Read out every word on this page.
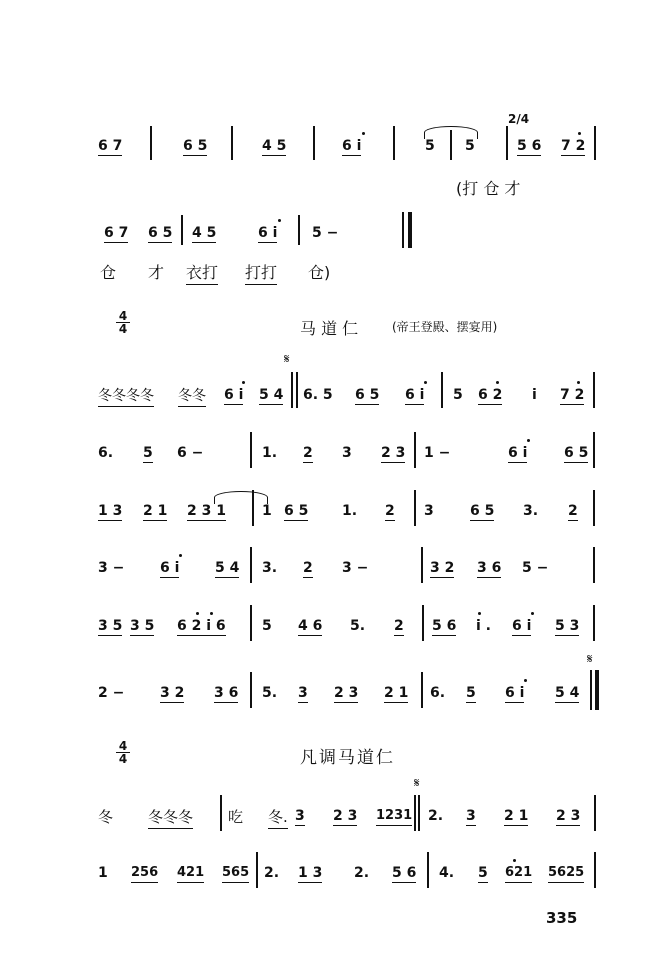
2/4
6 7	6 5	4 5	6 i	5 5	5 6 7 2
(打 仓 才
6 7 6 5 4 5	6 i 5 −
仓 才 衣打 打打 仓)
4
4	马 道 仁	(帝王登殿、摆宴用)
𝄋
冬冬冬冬 冬冬 6 i 5 4 6. 5 6 5 6 i 5 6 2 i 7 2
6. 5 6 −	1. 2 3 2 3 1 −	6 i	6 5
1 3 2 1 2 3 1	1 6 5 1. 2 3	6 5 3. 2
3 −	6 i	5 4 3. 2 3 −	3 2 3 6 5 −
3 5 3 5 6 2 i 6	5 4 6 5. 2 5 6 i . 6 i 5 3
𝄋
2 −	3 2 3 6 5. 3 2 3 2 1 6. 5 6 i 5 4
4
4	凡调马道仁
𝄋
冬 冬冬冬 吃 冬. 3 2 3 1231 2. 3 2 1 2 3
1 256 421 565 2. 1 3 2. 5 6 4. 5 621 5625
335
